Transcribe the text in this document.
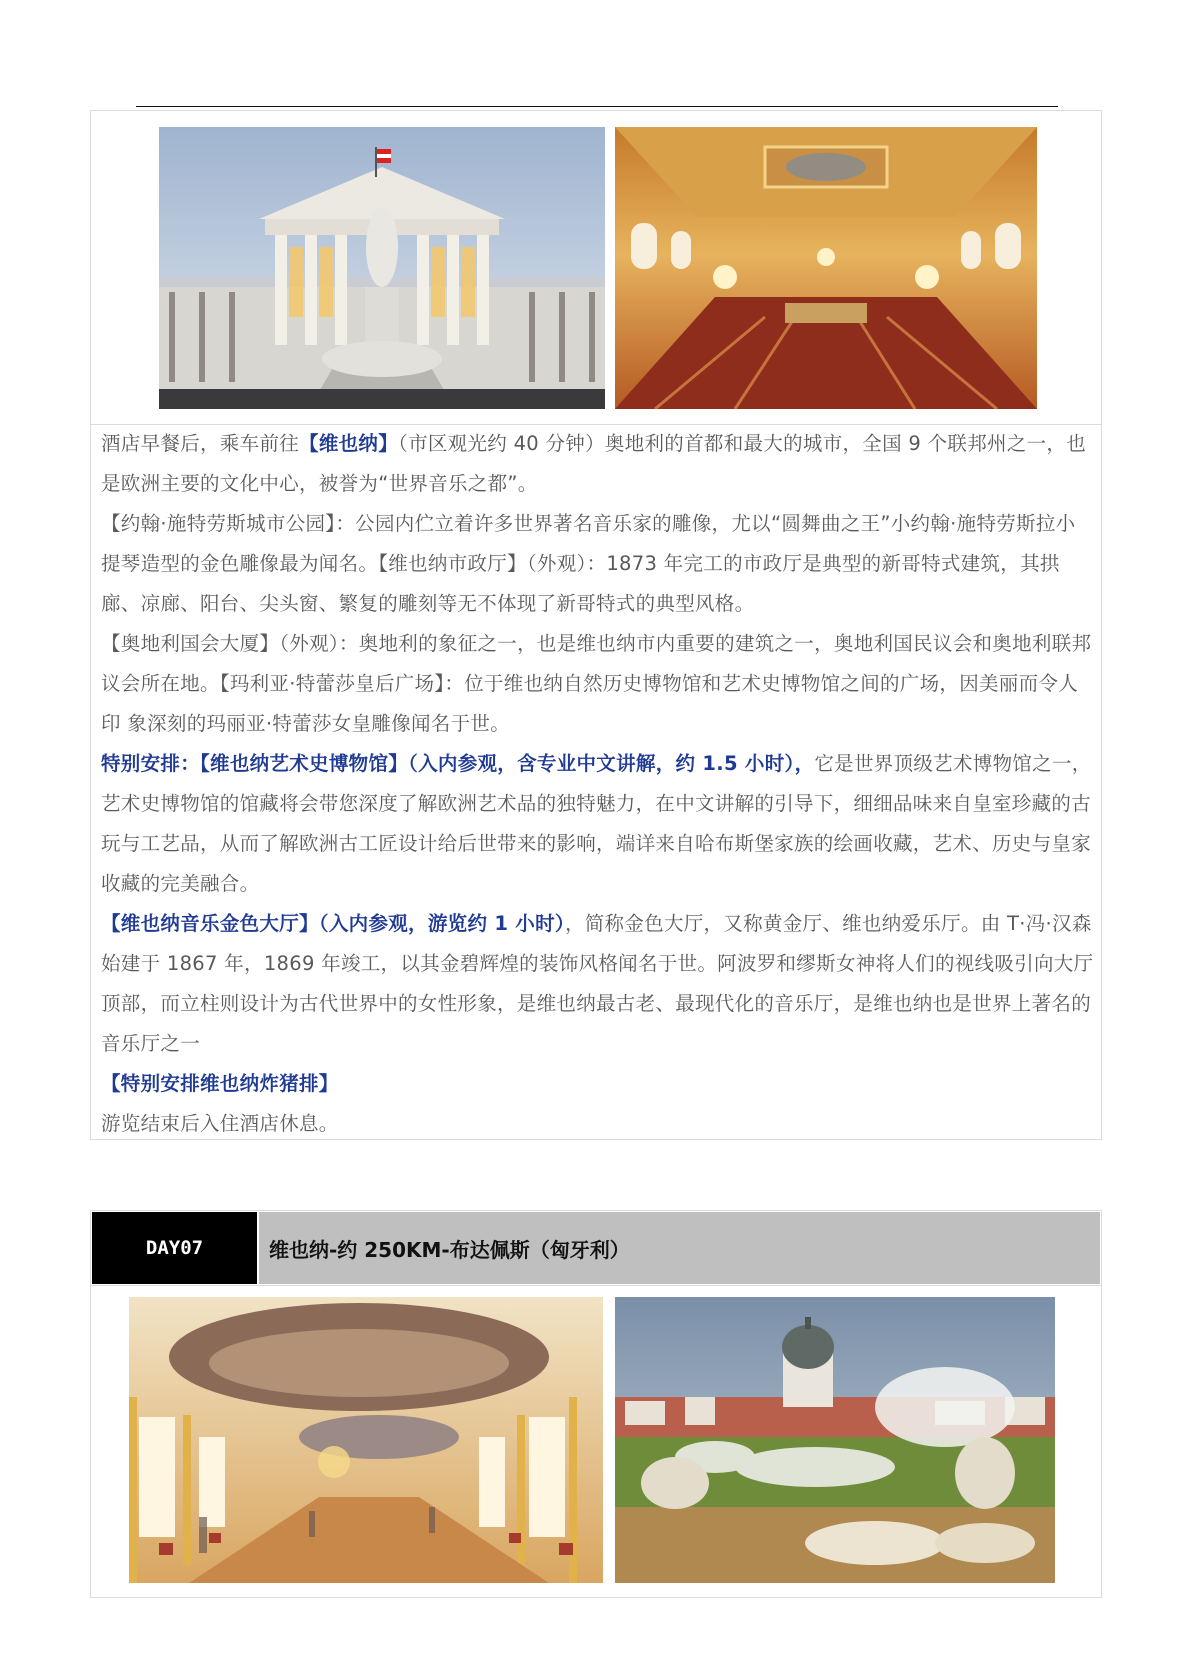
酒店早餐后，乘车前往【维也纳】（市区观光约 40 分钟）奥地利的首都和最大的城市，全国 9 个联邦州之一，也是欧洲主要的文化中心，被誉为“世界音乐之都”。

【约翰·施特劳斯城市公园】：公园内伫立着许多世界著名音乐家的雕像，尤以“圆舞曲之王”小约翰·施特劳斯拉小提琴造型的金色雕像最为闻名。【维也纳市政厅】（外观）：1873 年完工的市政厅是典型的新哥特式建筑，其拱廊、凉廊、阳台、尖头窗、繁复的雕刻等无不体现了新哥特式的典型风格。

【奥地利国会大厦】（外观）：奥地利的象征之一，也是维也纳市内重要的建筑之一，奥地利国民议会和奥地利联邦议会所在地。【玛利亚·特蕾莎皇后广场】：位于维也纳自然历史博物馆和艺术史博物馆之间的广场，因美丽而令人印 象深刻的玛丽亚·特蕾莎女皇雕像闻名于世。

特别安排：【维也纳艺术史博物馆】（入内参观，含专业中文讲解，约 1.5 小时），它是世界顶级艺术博物馆之一，艺术史博物馆的馆藏将会带您深度了解欧洲艺术品的独特魅力，在中文讲解的引导下，细细品味来自皇室珍藏的古玩与工艺品，从而了解欧洲古工匠设计给后世带来的影响，端详来自哈布斯堡家族的绘画收藏，艺术、历史与皇家收藏的完美融合。

【维也纳音乐金色大厅】（入内参观，游览约 1 小时），简称金色大厅，又称黄金厅、维也纳爱乐厅。由 T·冯·汉森始建于 1867 年，1869 年竣工，以其金碧辉煌的装饰风格闻名于世。阿波罗和缪斯女神将人们的视线吸引向大厅顶部，而立柱则设计为古代世界中的女性形象，是维也纳最古老、最现代化的音乐厅，是维也纳也是世界上著名的音乐厅之一

【特别安排维也纳炸猪排】

游览结束后入住酒店休息。

DAY07	维也纳-约 250KM-布达佩斯（匈牙利）
